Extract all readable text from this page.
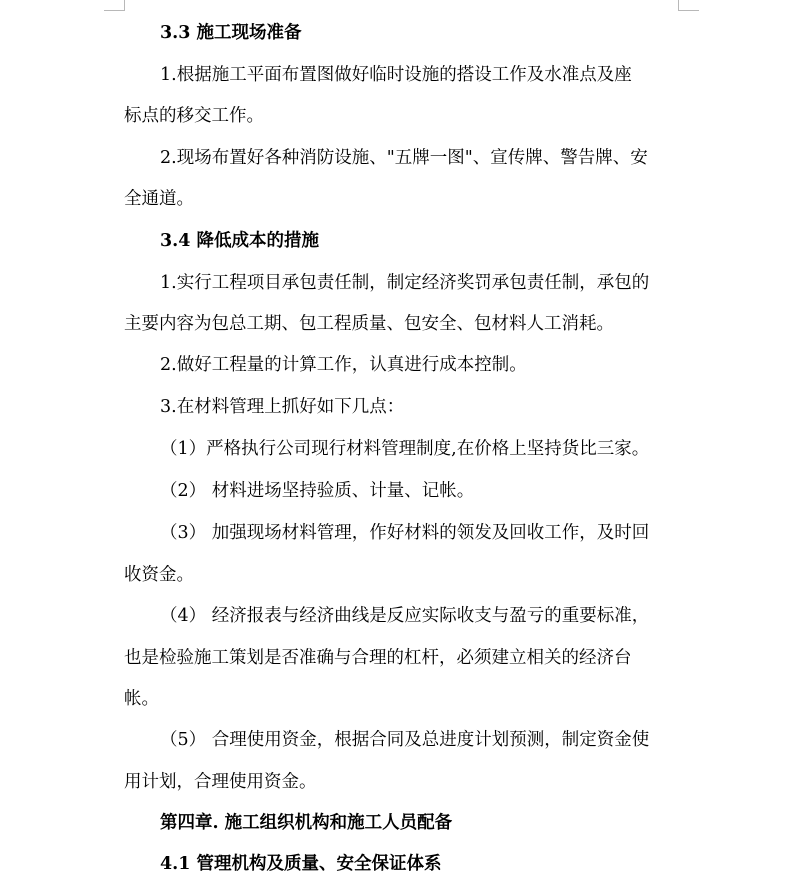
3.3 施工现场准备
1.根据施工平面布置图做好临时设施的搭设工作及水准点及座
标点的移交工作。
2.现场布置好各种消防设施、"五牌一图"、宣传牌、警告牌、安
全通道。
3.4 降低成本的措施
1.实行工程项目承包责任制，制定经济奖罚承包责任制，承包的
主要内容为包总工期、包工程质量、包安全、包材料人工消耗。
2.做好工程量的计算工作，认真进行成本控制。
3.在材料管理上抓好如下几点：
（1）严格执行公司现行材料管理制度,在价格上坚持货比三家。
（2） 材料进场坚持验质、计量、记帐。
（3） 加强现场材料管理，作好材料的领发及回收工作，及时回
收资金。
（4） 经济报表与经济曲线是反应实际收支与盈亏的重要标准，
也是检验施工策划是否准确与合理的杠杆，必须建立相关的经济台
帐。
（5） 合理使用资金，根据合同及总进度计划预测，制定资金使
用计划，合理使用资金。
第四章. 施工组织机构和施工人员配备
4.1 管理机构及质量、安全保证体系
